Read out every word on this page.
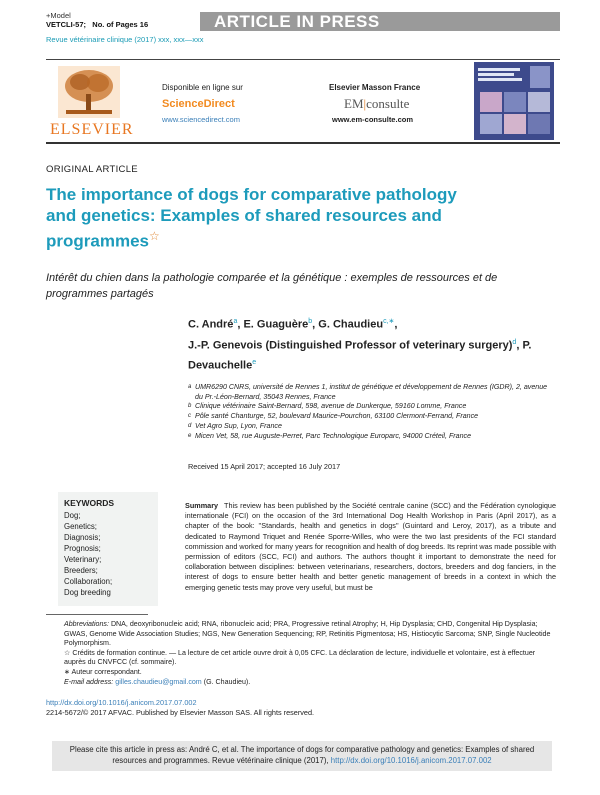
+Model
VETCLI-57; No. of Pages 16	ARTICLE IN PRESS
Revue vétérinaire clinique (2017) xxx, xxx—xxx
ELSEVIER
Disponible en ligne sur
ScienceDirect
www.sciencedirect.com
Elsevier Masson France
EM|consulte
www.em-consulte.com
ORIGINAL ARTICLE
The importance of dogs for comparative pathology and genetics: Examples of shared resources and programmes☆
Intérêt du chien dans la pathologie comparée et la génétique : exemples de ressources et de programmes partagés
C. André$^a$, E. Guaguère$^b$, G. Chaudieu$^{c,∗}$,
J.-P. Genevois (Distinguished Professor of veterinary surgery)$^d$, P. Devauchelle$^e$
a UMR6290 CNRS, université de Rennes 1, institut de génétique et développement de Rennes (IGDR), 2, avenue du Pr.-Léon-Bernard, 35043 Rennes, France
b Clinique vétérinaire Saint-Bernard, 598, avenue de Dunkerque, 59160 Lomme, France
c Pôle santé Chanturge, 52, boulevard Maurice-Pourchon, 63100 Clermont-Ferrand, France
d Vet Agro Sup, Lyon, France
e Micen Vet, 58, rue Auguste-Perret, Parc Technologique Europarc, 94000 Créteil, France
Received 15 April 2017; accepted 16 July 2017
KEYWORDS
Dog;
Genetics;
Diagnosis;
Prognosis;
Veterinary;
Breeders;
Collaboration;
Dog breeding
Summary This review has been published by the Société centrale canine (SCC) and the Fédération cynologique internationale (FCI) on the occasion of the 3rd International Dog Health Workshop in Paris (April 2017), as a chapter of the book: ''Standards, health and genetics in dogs'' (Guintard and Leroy, 2017), as a tribute and dedicated to Raymond Triquet and Renée Sporre-Willes, who were the two last presidents of the FCI standard commission and worked for many years for recognition and health of dog breeds. Its reprint was made possible with permission of editors (SCC, FCI) and authors. The authors thought it important to demonstrate the need for collaboration between disciplines: between veterinarians, researchers, doctors, breeders and dog fanciers, in the interest of dogs to ensure better health and better genetic management of breeds in a context in which the emerging genetic tests may prove very useful, but must be
Abbreviations: DNA, deoxyribonucleic acid; RNA, ribonucleic acid; PRA, Progressive retinal Atrophy; H, Hip Dysplasia; CHD, Congenital Hip Dysplasia; GWAS, Genome Wide Association Studies; NGS, New Generation Sequencing; RP, Retinitis Pigmentosa; HS, Histiocytic Sarcoma; SNP, Single Nucleotide Polymorphism.
☆ Crédits de formation continue. — La lecture de cet article ouvre droit à 0,05 CFC. La déclaration de lecture, individuelle et volontaire, est à effectuer auprès du CNVFCC (cf. sommaire).
∗ Auteur correspondant.
E-mail address: gilles.chaudieu@gmail.com (G. Chaudieu).
http://dx.doi.org/10.1016/j.anicom.2017.07.002
2214-5672/© 2017 AFVAC. Published by Elsevier Masson SAS. All rights reserved.
Please cite this article in press as: André C, et al. The importance of dogs for comparative pathology and genetics: Examples of shared resources and programmes. Revue vétérinaire clinique (2017), http://dx.doi.org/10.1016/j.anicom.2017.07.002
